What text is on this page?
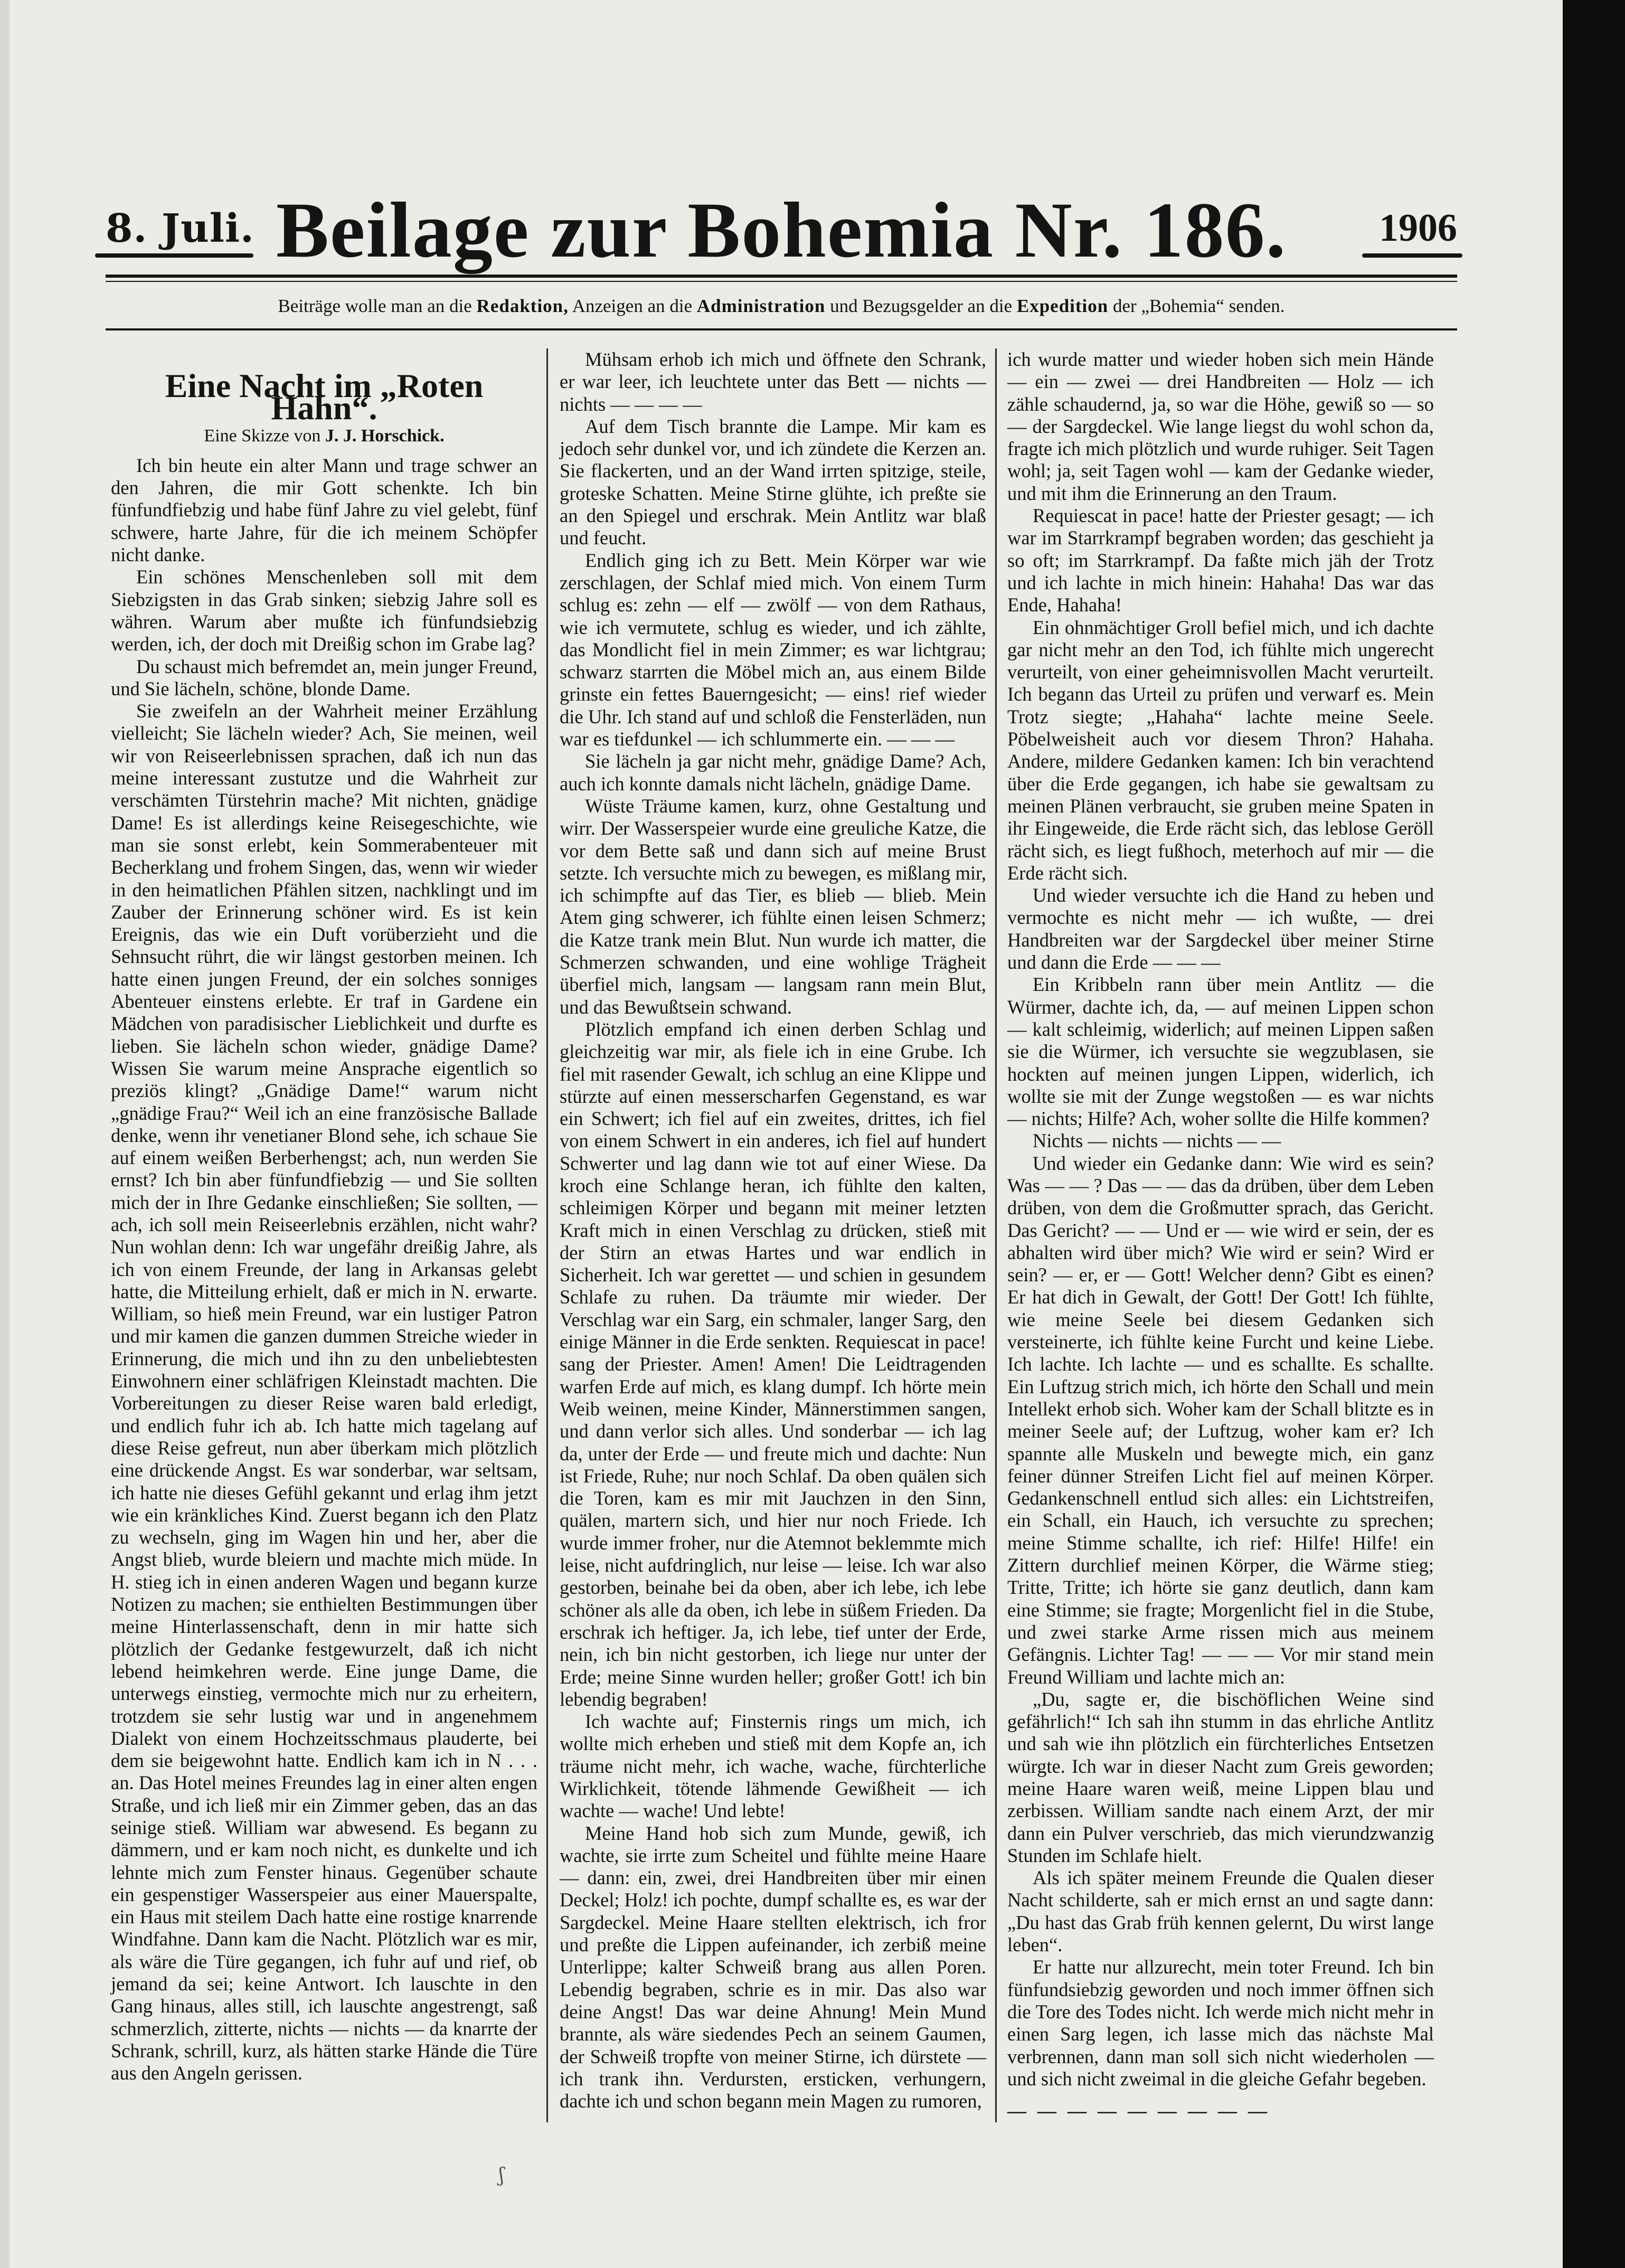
8. Juli. Beilage zur Bohemia Nr. 186.	1906
Beiträge wolle man an die Redaktion, Anzeigen an die Administration und Bezugsgelder an die Expedition der „Bohemia“ senden.
Eine Nacht im „Roten Hahn“.
Eine Skizze von J. J. Horschick.

Ich bin heute ein alter Mann und trage schwer an den Jahren, die mir Gott schenkte. Ich bin fünfundfiebzig und habe fünf Jahre zu viel gelebt, fünf schwere, harte Jahre, für die ich meinem Schöpfer nicht danke.

Ein schönes Menschenleben soll mit dem Siebzigsten in das Grab sinken; siebzig Jahre soll es währen. Warum aber mußte ich fünfundsiebzig werden, ich, der doch mit Dreißig schon im Grabe lag?

Du schaust mich befremdet an, mein junger Freund, und Sie lächeln, schöne, blonde Dame.

Sie zweifeln an der Wahrheit meiner Erzählung vielleicht; Sie lächeln wieder? Ach, Sie meinen, weil wir von Reiseerlebnissen sprachen, daß ich nun das meine interessant zustutze und die Wahrheit zur verschämten Türstehrin mache? Mit nichten, gnädige Dame! Es ist allerdings keine Reisegeschichte, wie man sie sonst erlebt, kein Sommerabenteuer mit Becherklang und frohem Singen, das, wenn wir wieder in den heimatlichen Pfählen sitzen, nachklingt und im Zauber der Erinnerung schöner wird. Es ist kein Ereignis, das wie ein Duft vorüberzieht und die Sehnsucht rührt, die wir längst gestorben meinen. Ich hatte einen jungen Freund, der ein solches sonniges Abenteuer einstens erlebte. Er traf in Gardene ein Mädchen von paradisischer Lieblichkeit und durfte es lieben. Sie lächeln schon wieder, gnädige Dame? Wissen Sie warum meine Ansprache eigentlich so preziös klingt? „Gnädige Dame!“ warum nicht „gnädige Frau?“ Weil ich an eine französische Ballade denke, wenn ihr venetianer Blond sehe, ich schaue Sie auf einem weißen Berberhengst; ach, nun werden Sie ernst? Ich bin aber fünfundfiebzig — und Sie sollten mich der in Ihre Gedanke einschließen; Sie sollten, — ach, ich soll mein Reiseerlebnis erzählen, nicht wahr? Nun wohlan denn: Ich war ungefähr dreißig Jahre, als ich von einem Freunde, der lang in Arkansas gelebt hatte, die Mitteilung erhielt, daß er mich in N. erwarte. William, so hieß mein Freund, war ein lustiger Patron und mir kamen die ganzen dummen Streiche wieder in Erinnerung, die mich und ihn zu den unbeliebtesten Einwohnern einer schläfrigen Kleinstadt machten. Die Vorbereitungen zu dieser Reise waren bald erledigt, und endlich fuhr ich ab. Ich hatte mich tagelang auf diese Reise gefreut, nun aber überkam mich plötzlich eine drückende Angst. Es war sonderbar, war seltsam, ich hatte nie dieses Gefühl gekannt und erlag ihm jetzt wie ein kränkliches Kind. Zuerst begann ich den Platz zu wechseln, ging im Wagen hin und her, aber die Angst blieb, wurde bleiern und machte mich müde. In H. stieg ich in einen anderen Wagen und begann kurze Notizen zu machen; sie enthielten Bestimmungen über meine Hinterlassenschaft, denn in mir hatte sich plötzlich der Gedanke festgewurzelt, daß ich nicht lebend heimkehren werde. Eine junge Dame, die unterwegs einstieg, vermochte mich nur zu erheitern, trotzdem sie sehr lustig war und in angenehmem Dialekt von einem Hochzeitsschmaus plauderte, bei dem sie beigewohnt hatte. Endlich kam ich in N . . . an. Das Hotel meines Freundes lag in einer alten engen Straße, und ich ließ mir ein Zimmer geben, das an das seinige stieß. William war abwesend. Es begann zu dämmern, und er kam noch nicht, es dunkelte und ich lehnte mich zum Fenster hinaus. Gegenüber schaute ein gespenstiger Wasserspeier aus einer Mauerspalte, ein Haus mit steilem Dach hatte eine rostige knarrende Windfahne. Dann kam die Nacht. Plötzlich war es mir, als wäre die Türe gegangen, ich fuhr auf und rief, ob jemand da sei; keine Antwort. Ich lauschte in den Gang hinaus, alles still, ich lauschte angestrengt, saß schmerzlich, zitterte, nichts — nichts — da knarrte der Schrank, schrill, kurz, als hätten starke Hände die Türe aus den Angeln gerissen.

Mühsam erhob ich mich und öffnete den Schrank, er war leer, ich leuchtete unter das Bett — nichts — nichts — — — —

Auf dem Tisch brannte die Lampe. Mir kam es jedoch sehr dunkel vor, und ich zündete die Kerzen an. Sie flackerten, und an der Wand irrten spitzige, steile, groteske Schatten. Meine Stirne glühte, ich preßte sie an den Spiegel und erschrak. Mein Antlitz war blaß und feucht.

Endlich ging ich zu Bett. Mein Körper war wie zerschlagen, der Schlaf mied mich. Von einem Turm schlug es: zehn — elf — zwölf — von dem Rathaus, wie ich vermutete, schlug es wieder, und ich zählte, das Mondlicht fiel in mein Zimmer; es war lichtgrau; schwarz starrten die Möbel mich an, aus einem Bilde grinste ein fettes Bauerngesicht; — eins! rief wieder die Uhr. Ich stand auf und schloß die Fensterläden, nun war es tiefdunkel — ich schlummerte ein. — — —

Sie lächeln ja gar nicht mehr, gnädige Dame? Ach, auch ich konnte damals nicht lächeln, gnädige Dame.

Wüste Träume kamen, kurz, ohne Gestaltung und wirr. Der Wasserspeier wurde eine greuliche Katze, die vor dem Bette saß und dann sich auf meine Brust setzte. Ich versuchte mich zu bewegen, es mißlang mir, ich schimpfte auf das Tier, es blieb — blieb. Mein Atem ging schwerer, ich fühlte einen leisen Schmerz; die Katze trank mein Blut. Nun wurde ich matter, die Schmerzen schwanden, und eine wohlige Trägheit überfiel mich, langsam — langsam rann mein Blut, und das Bewußtsein schwand.

Plötzlich empfand ich einen derben Schlag und gleichzeitig war mir, als fiele ich in eine Grube. Ich fiel mit rasender Gewalt, ich schlug an eine Klippe und stürzte auf einen messerscharfen Gegenstand, es war ein Schwert; ich fiel auf ein zweites, drittes, ich fiel von einem Schwert in ein anderes, ich fiel auf hundert Schwerter und lag dann wie tot auf einer Wiese. Da kroch eine Schlange heran, ich fühlte den kalten, schleimigen Körper und begann mit meiner letzten Kraft mich in einen Verschlag zu drücken, stieß mit der Stirn an etwas Hartes und war endlich in Sicherheit. Ich war gerettet — und schien in gesundem Schlafe zu ruhen. Da träumte mir wieder. Der Verschlag war ein Sarg, ein schmaler, langer Sarg, den einige Männer in die Erde senkten. Requiescat in pace! sang der Priester. Amen! Amen! Die Leidtragenden warfen Erde auf mich, es klang dumpf. Ich hörte mein Weib weinen, meine Kinder, Männerstimmen sangen, und dann verlor sich alles. Und sonderbar — ich lag da, unter der Erde — und freute mich und dachte: Nun ist Friede, Ruhe; nur noch Schlaf. Da oben quälen sich die Toren, kam es mir mit Jauchzen in den Sinn, quälen, martern sich, und hier nur noch Friede. Ich wurde immer froher, nur die Atemnot beklemmte mich leise, nicht aufdringlich, nur leise — leise. Ich war also gestorben, beinahe bei da oben, aber ich lebe, ich lebe schöner als alle da oben, ich lebe in süßem Frieden. Da erschrak ich heftiger. Ja, ich lebe, tief unter der Erde, nein, ich bin nicht gestorben, ich liege nur unter der Erde; meine Sinne wurden heller; großer Gott! ich bin lebendig begraben!

Ich wachte auf; Finsternis rings um mich, ich wollte mich erheben und stieß mit dem Kopfe an, ich träume nicht mehr, ich wache, wache, fürchterliche Wirklichkeit, tötende lähmende Gewißheit — ich wachte — wache! Und lebte!

Meine Hand hob sich zum Munde, gewiß, ich wachte, sie irrte zum Scheitel und fühlte meine Haare — dann: ein, zwei, drei Handbreiten über mir einen Deckel; Holz! ich pochte, dumpf schallte es, es war der Sargdeckel. Meine Haare stellten elektrisch, ich fror und preßte die Lippen aufeinander, ich zerbiß meine Unterlippe; kalter Schweiß brang aus allen Poren. Lebendig begraben, schrie es in mir. Das also war deine Angst! Das war deine Ahnung! Mein Mund brannte, als wäre siedendes Pech an seinem Gaumen, der Schweiß tropfte von meiner Stirne, ich dürstete — ich trank ihn. Verdursten, ersticken, verhungern, dachte ich und schon begann mein Magen zu rumoren,

ich wurde matter und wieder hoben sich mein Hände — ein — zwei — drei Handbreiten — Holz — ich zähle schaudernd, ja, so war die Höhe, gewiß so — so — der Sargdeckel. Wie lange liegst du wohl schon da, fragte ich mich plötzlich und wurde ruhiger. Seit Tagen wohl; ja, seit Tagen wohl — kam der Gedanke wieder, und mit ihm die Erinnerung an den Traum.

Requiescat in pace! hatte der Priester gesagt; — ich war im Starrkrampf begraben worden; das geschieht ja so oft; im Starrkrampf. Da faßte mich jäh der Trotz und ich lachte in mich hinein: Hahaha! Das war das Ende, Hahaha!

Ein ohnmächtiger Groll befiel mich, und ich dachte gar nicht mehr an den Tod, ich fühlte mich ungerecht verurteilt, von einer geheimnisvollen Macht verurteilt. Ich begann das Urteil zu prüfen und verwarf es. Mein Trotz siegte; „Hahaha“ lachte meine Seele. Pöbelweisheit auch vor diesem Thron? Hahaha. Andere, mildere Gedanken kamen: Ich bin verachtend über die Erde gegangen, ich habe sie gewaltsam zu meinen Plänen verbraucht, sie gruben meine Spaten in ihr Eingeweide, die Erde rächt sich, das leblose Geröll rächt sich, es liegt fußhoch, meterhoch auf mir — die Erde rächt sich.

Und wieder versuchte ich die Hand zu heben und vermochte es nicht mehr — ich wußte, — drei Handbreiten war der Sargdeckel über meiner Stirne und dann die Erde — — —

Ein Kribbeln rann über mein Antlitz — die Würmer, dachte ich, da, — auf meinen Lippen schon — kalt schleimig, widerlich; auf meinen Lippen saßen sie die Würmer, ich versuchte sie wegzublasen, sie hockten auf meinen jungen Lippen, widerlich, ich wollte sie mit der Zunge wegstoßen — es war nichts — nichts; Hilfe? Ach, woher sollte die Hilfe kommen?

Nichts — nichts — nichts — —

Und wieder ein Gedanke dann: Wie wird es sein? Was — — ? Das — — das da drüben, über dem Leben drüben, von dem die Großmutter sprach, das Gericht. Das Gericht? — — Und er — wie wird er sein, der es abhalten wird über mich? Wie wird er sein? Wird er sein? — er, er — Gott! Welcher denn? Gibt es einen? Er hat dich in Gewalt, der Gott! Der Gott! Ich fühlte, wie meine Seele bei diesem Gedanken sich versteinerte, ich fühlte keine Furcht und keine Liebe. Ich lachte. Ich lachte — und es schallte. Es schallte. Ein Luftzug strich mich, ich hörte den Schall und mein Intellekt erhob sich. Woher kam der Schall blitzte es in meiner Seele auf; der Luftzug, woher kam er? Ich spannte alle Muskeln und bewegte mich, ein ganz feiner dünner Streifen Licht fiel auf meinen Körper. Gedankenschnell entlud sich alles: ein Lichtstreifen, ein Schall, ein Hauch, ich versuchte zu sprechen; meine Stimme schallte, ich rief: Hilfe! Hilfe! ein Zittern durchlief meinen Körper, die Wärme stieg; Tritte, Tritte; ich hörte sie ganz deutlich, dann kam eine Stimme; sie fragte; Morgenlicht fiel in die Stube, und zwei starke Arme rissen mich aus meinem Gefängnis. Lichter Tag! — — — Vor mir stand mein Freund William und lachte mich an:

„Du, sagte er, die bischöflichen Weine sind gefährlich!“ Ich sah ihn stumm in das ehrliche Antlitz und sah wie ihn plötzlich ein fürchterliches Entsetzen würgte. Ich war in dieser Nacht zum Greis geworden; meine Haare waren weiß, meine Lippen blau und zerbissen. William sandte nach einem Arzt, der mir dann ein Pulver verschrieb, das mich vierundzwanzig Stunden im Schlafe hielt.

Als ich später meinem Freunde die Qualen dieser Nacht schilderte, sah er mich ernst an und sagte dann: „Du hast das Grab früh kennen gelernt, Du wirst lange leben“.

Er hatte nur allzurecht, mein toter Freund. Ich bin fünfundsiebzig geworden und noch immer öffnen sich die Tore des Todes nicht. Ich werde mich nicht mehr in einen Sarg legen, ich lasse mich das nächste Mal verbrennen, dann man soll sich nicht wiederholen — und sich nicht zweimal in die gleiche Gefahr begeben.

— — — — — — — — —
ʃ
